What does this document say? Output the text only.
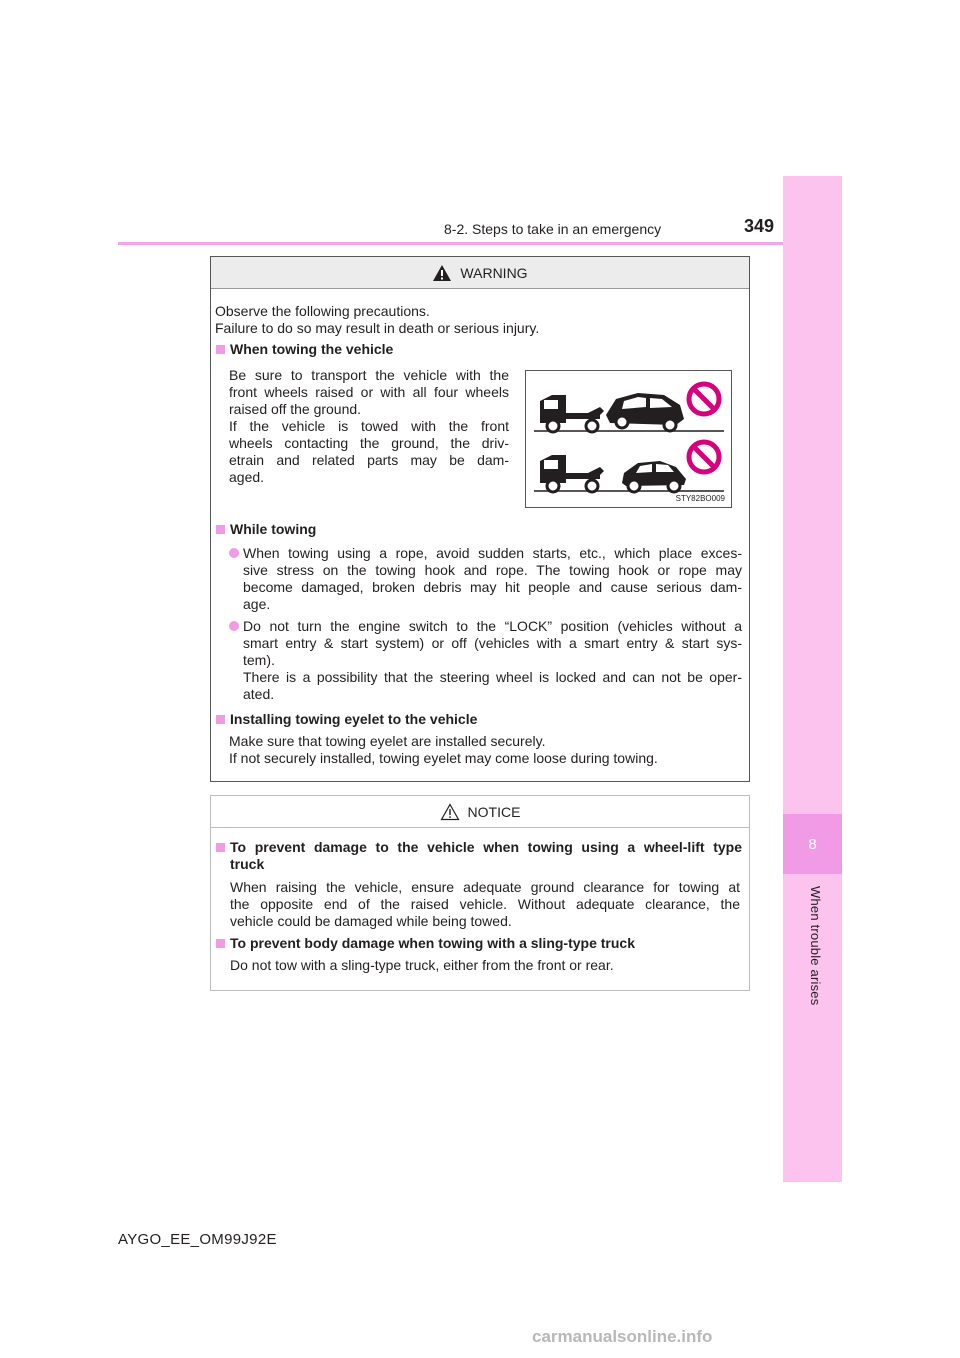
8
When trouble arises
8-2. Steps to take in an emergency	349
WARNING
Observe the following precautions.
Failure to do so may result in death or serious injury.
When towing the vehicle
Be sure to transport the vehicle with the
front wheels raised or with all four wheels
raised off the ground.
If the vehicle is towed with the front
wheels contacting the ground, the driv-
etrain and related parts may be dam-
aged.
STY82BO009
While towing
When towing using a rope, avoid sudden starts, etc., which place exces-
sive stress on the towing hook and rope. The towing hook or rope may
become damaged, broken debris may hit people and cause serious dam-
age.
Do not turn the engine switch to the “LOCK” position (vehicles without a
smart entry & start system) or off (vehicles with a smart entry & start sys-
tem).
There is a possibility that the steering wheel is locked and can not be oper-
ated.
Installing towing eyelet to the vehicle
Make sure that towing eyelet are installed securely.
If not securely installed, towing eyelet may come loose during towing.
NOTICE
To prevent damage to the vehicle when towing using a wheel-lift type
truck
When raising the vehicle, ensure adequate ground clearance for towing at
the opposite end of the raised vehicle. Without adequate clearance, the
vehicle could be damaged while being towed.
To prevent body damage when towing with a sling-type truck
Do not tow with a sling-type truck, either from the front or rear.
AYGO_EE_OM99J92E
carmanualsonline.info
